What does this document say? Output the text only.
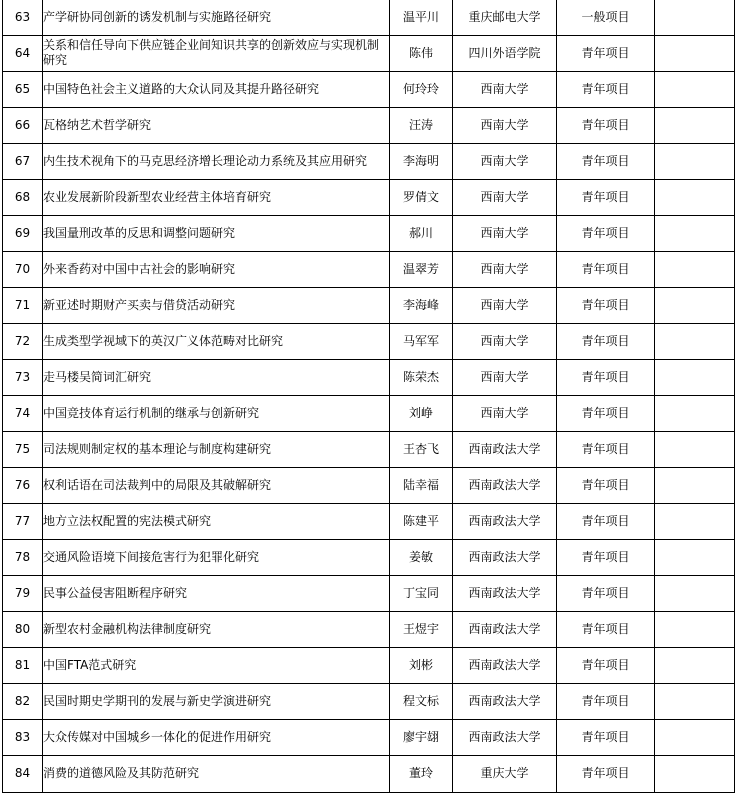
63	产学研协同创新的诱发机制与实施路径研究	温平川	重庆邮电大学	一般项目	
64	关系和信任导向下供应链企业间知识共享的创新效应与实现机制研究	陈伟	四川外语学院	青年项目	
65	中国特色社会主义道路的大众认同及其提升路径研究	何玲玲	西南大学	青年项目	
66	瓦格纳艺术哲学研究	汪涛	西南大学	青年项目	
67	内生技术视角下的马克思经济增长理论动力系统及其应用研究	李海明	西南大学	青年项目	
68	农业发展新阶段新型农业经营主体培育研究	罗倩文	西南大学	青年项目	
69	我国量刑改革的反思和调整问题研究	郝川	西南大学	青年项目	
70	外来香药对中国中古社会的影响研究	温翠芳	西南大学	青年项目	
71	新亚述时期财产买卖与借贷活动研究	李海峰	西南大学	青年项目	
72	生成类型学视域下的英汉广义体范畴对比研究	马军军	西南大学	青年项目	
73	走马楼吴简词汇研究	陈荣杰	西南大学	青年项目	
74	中国竞技体育运行机制的继承与创新研究	刘峥	西南大学	青年项目	
75	司法规则制定权的基本理论与制度构建研究	王杏飞	西南政法大学	青年项目	
76	权利话语在司法裁判中的局限及其破解研究	陆幸福	西南政法大学	青年项目	
77	地方立法权配置的宪法模式研究	陈建平	西南政法大学	青年项目	
78	交通风险语境下间接危害行为犯罪化研究	姜敏	西南政法大学	青年项目	
79	民事公益侵害阻断程序研究	丁宝同	西南政法大学	青年项目	
80	新型农村金融机构法律制度研究	王煜宇	西南政法大学	青年项目	
81	中国FTA范式研究	刘彬	西南政法大学	青年项目	
82	民国时期史学期刊的发展与新史学演进研究	程文标	西南政法大学	青年项目	
83	大众传媒对中国城乡一体化的促进作用研究	廖宇翃	西南政法大学	青年项目	
84	消费的道德风险及其防范研究	董玲	重庆大学	青年项目	
